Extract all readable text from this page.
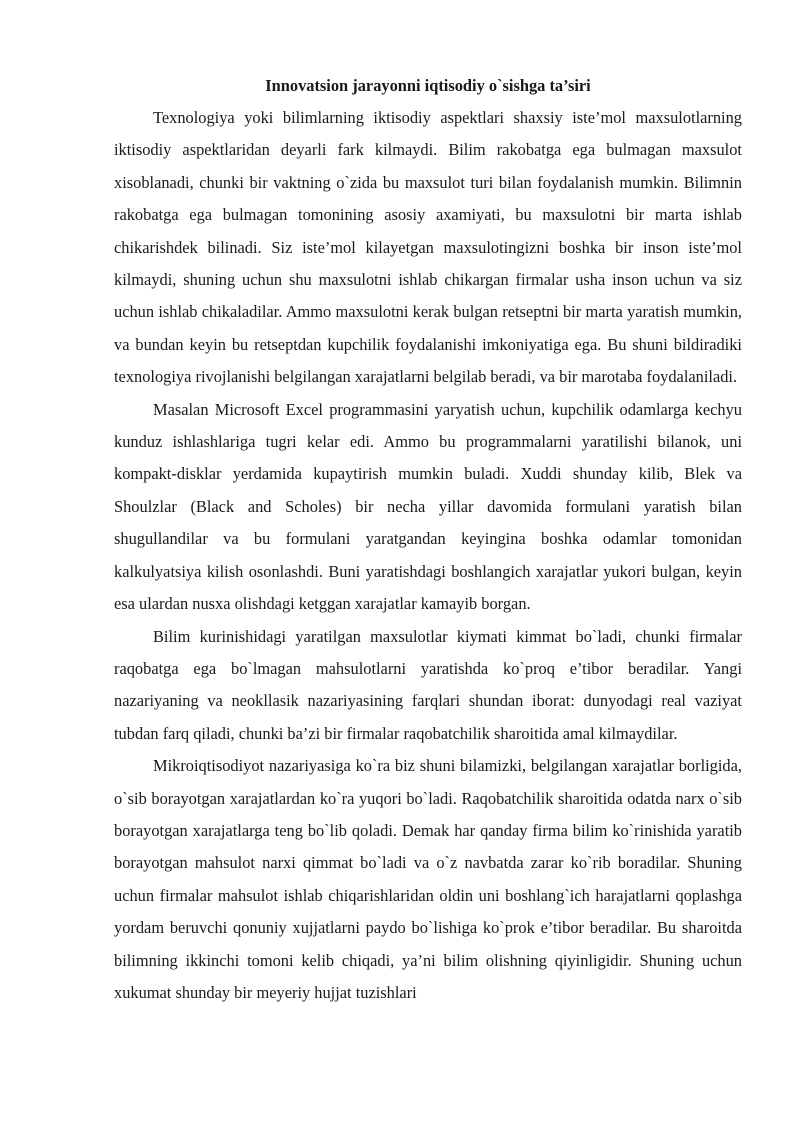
Innovatsion jarayonni iqtisodiy o`sishga ta’siri

Texnologiya yoki bilimlarning iktisodiy aspektlari shaxsiy iste’mol maxsulotlarning iktisodiy aspektlaridan deyarli fark kilmaydi. Bilim rakobatga ega bulmagan maxsulot xisoblanadi, chunki bir vaktning o`zida bu maxsulot turi bilan foydalanish mumkin. Bilimnin rakobatga ega bulmagan tomonining asosiy axamiyati, bu maxsulotni bir marta ishlab chikarishdek bilinadi. Siz iste’mol kilayetgan maxsulotingizni boshka bir inson iste’mol kilmaydi, shuning uchun shu maxsulotni ishlab chikargan firmalar usha inson uchun va siz uchun ishlab chikaladilar. Ammo maxsulotni kerak bulgan retseptni bir marta yaratish mumkin, va bundan keyin bu retseptdan kupchilik foydalanishi imkoniyatiga ega. Bu shuni bildiradiki texnologiya rivojlanishi belgilangan xarajatlarni belgilab beradi, va bir marotaba foydalaniladi.

Masalan Microsoft Excel programmasini yaryatish uchun, kupchilik odamlarga kechyu kunduz ishlashlariga tugri kelar edi. Ammo bu programmalarni yaratilishi bilanok, uni kompakt-disklar yerdamida kupaytirish mumkin buladi. Xuddi shunday kilib, Blek va Shoulzlar (Black and Scholes) bir necha yillar davomida formulani yaratish bilan shugullandilar va bu formulani yaratgandan keyingina boshka odamlar tomonidan kalkulyatsiya kilish osonlashdi. Buni yaratishdagi boshlangich xarajatlar yukori bulgan, keyin esa ulardan nusxa olishdagi ketggan xarajatlar kamayib borgan.

Bilim kurinishidagi yaratilgan maxsulotlar kiymati kimmat bo`ladi, chunki firmalar raqobatga ega bo`lmagan mahsulotlarni yaratishda ko`proq e’tibor beradilar. Yangi nazariyaning va neokllasik nazariyasining farqlari shundan iborat: dunyodagi real vaziyat tubdan farq qiladi, chunki ba’zi bir firmalar raqobatchilik sharoitida amal kilmaydilar.

Mikroiqtisodiyot nazariyasiga ko`ra biz shuni bilamizki, belgilangan xarajatlar borligida, o`sib borayotgan xarajatlardan ko`ra yuqori bo`ladi. Raqobatchilik sharoitida odatda narx o`sib borayotgan xarajatlarga teng bo`lib qoladi. Demak har qanday firma bilim ko`rinishida yaratib borayotgan mahsulot narxi qimmat bo`ladi va o`z navbatda zarar ko`rib boradilar. Shuning uchun firmalar mahsulot ishlab chiqarishlaridan oldin uni boshlang`ich harajatlarni qoplashga yordam beruvchi qonuniy xujjatlarni paydo bo`lishiga ko`prok e’tibor beradilar. Bu sharoitda bilimning ikkinchi tomoni kelib chiqadi, ya’ni bilim olishning qiyinligidir. Shuning uchun xukumat shunday bir meyeriy hujjat tuzishlari
